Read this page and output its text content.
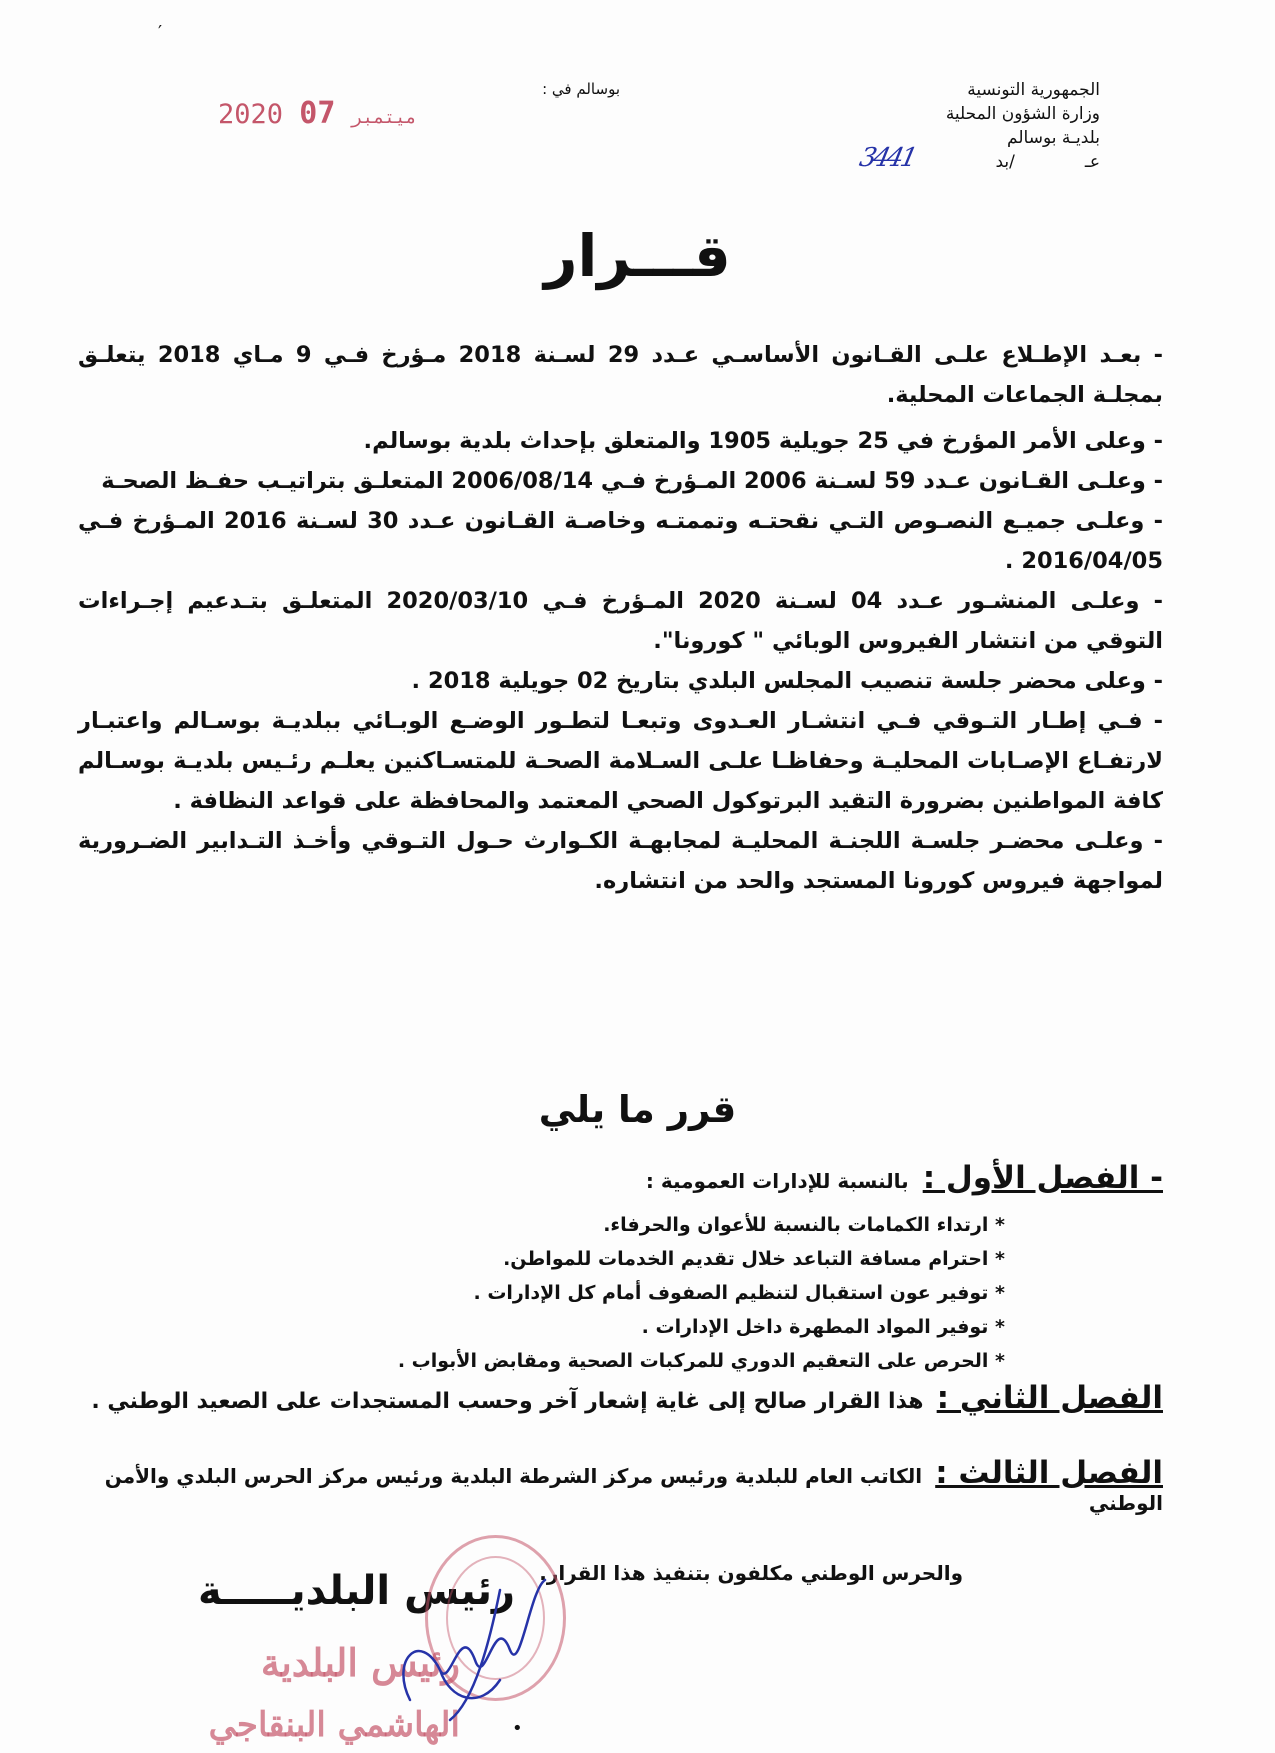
′
الجمهورية التونسية
وزارة الشؤون المحلية
بلديـة بوسالم
عـ/بد
3441
بوسالم في :
2020	ميتمبر 07
قـــرار

- بعـد الإطـلاع علـى القـانون الأساسـي عـدد 29 لسـنة 2018 مـؤرخ فـي 9 مـاي 2018 يتعلـق بمجلـة الجماعات المحلية.

- وعلى الأمر المؤرخ في 25 جويلية 1905 والمتعلق بإحداث بلدية بوسالم.

- وعلـى القـانون عـدد 59 لسـنة 2006 المـؤرخ فـي 2006/08/14 المتعلـق بتراتيـب حفـظ الصحـة

- وعلـى جميـع النصـوص التـي نقحتـه وتممتـه وخاصـة القـانون عـدد 30 لسـنة 2016 المـؤرخ فـي 2016/04/05 .

- وعلـى المنشـور عـدد 04 لسـنة 2020 المـؤرخ فـي 2020/03/10 المتعلـق بتـدعيم إجـراءات التوقي من انتشار الفيروس الوبائي " كورونا".

- وعلى محضر جلسة تنصيب المجلس البلدي بتاريخ 02 جويلية 2018 .

- فـي إطـار التـوقي فـي انتشـار العـدوى وتبعـا لتطـور الوضـع الوبـائي ببلديـة بوسـالم واعتبـار لارتفـاع الإصـابات المحليـة وحفاظـا علـى السـلامة الصحـة للمتسـاكنين يعلـم رئـيس بلديـة بوسـالم كافة المواطنين بضرورة التقيد البرتوكول الصحي المعتمد والمحافظة على قواعد النظافة .

- وعلـى محضـر جلسـة اللجنـة المحليـة لمجابهـة الكـوارث حـول التـوقي وأخـذ التـدابير الضـرورية لمواجهة فيروس كورونا المستجد والحد من انتشاره.

قرر ما يلي
- الفصل الأول :
بالنسبة للإدارات العمومية :
* ارتداء الكمامات بالنسبة للأعوان والحرفاء.
* احترام مسافة التباعد خلال تقديم الخدمات للمواطن.
* توفير عون استقبال لتنظيم الصفوف أمام كل الإدارات .
* توفير المواد المطهرة داخل الإدارات .
* الحرص على التعقيم الدوري للمركبات الصحية ومقابض الأبواب .
الفصل الثاني : هذا القرار صالح إلى غاية إشعار آخر وحسب المستجدات على الصعيد الوطني .
الفصل الثالث : الكاتب العام للبلدية ورئيس مركز الشرطة البلدية ورئيس مركز الحرس البلدي والأمن الوطني
والحرس الوطني مكلفون بتنفيذ هذا القرار.
رئيس البلديـــــة
رئيس البلدية
الهاشمي البنقاجي	•
